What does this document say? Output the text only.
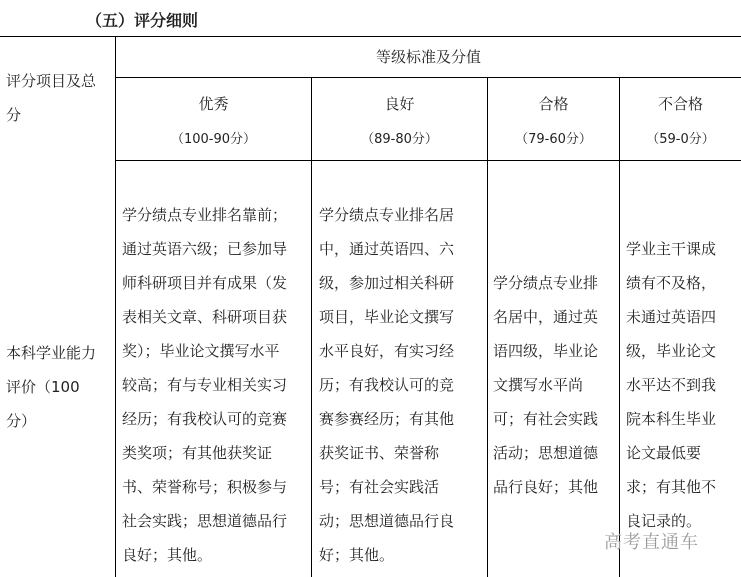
（五）评分细则
评分项目及总
分
等级标准及分值
优秀
（100-90分）
良好
（89-80分）
合格
（79-60分）
不合格
（59-0分）
本科学业能力
评价（100
分）
学分绩点专业排名靠前；
通过英语六级；已参加导
师科研项目并有成果（发
表相关文章、科研项目获
奖）；毕业论文撰写水平
较高；有与专业相关实习
经历；有我校认可的竞赛
类奖项；有其他获奖证
书、荣誉称号；积极参与
社会实践；思想道德品行
良好；其他。
学分绩点专业排名居
中，通过英语四、六
级，参加过相关科研
项目，毕业论文撰写
水平良好，有实习经
历；有我校认可的竞
赛参赛经历；有其他
获奖证书、荣誉称
号；有社会实践活
动；思想道德品行良
好；其他。
学分绩点专业排
名居中，通过英
语四级，毕业论
文撰写水平尚
可；有社会实践
活动；思想道德
品行良好；其他
学业主干课成
绩有不及格，
未通过英语四
级，毕业论文
水平达不到我
院本科生毕业
论文最低要
求；有其他不
良记录的。
高考直通车
